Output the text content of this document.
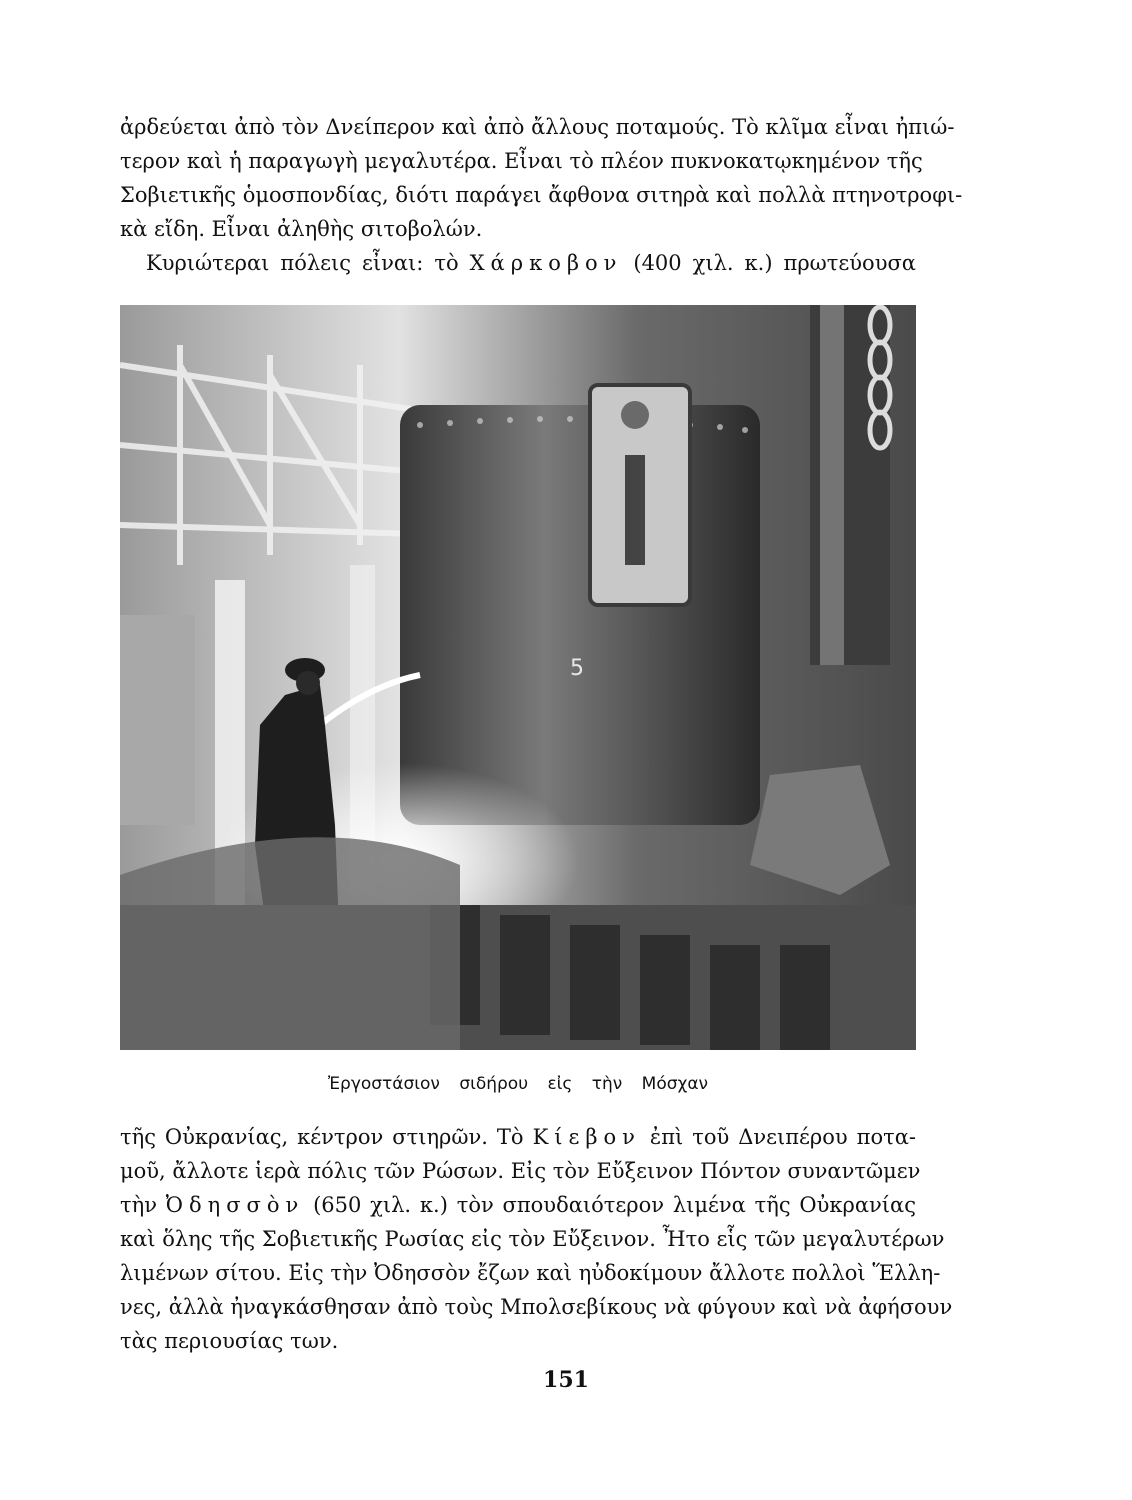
ἀρδεύεται ἀπὸ τὸν Δνείπερον καὶ ἀπὸ ἄλλους ποταμούς. Τὸ κλῖμα εἶναι ἠπιώ-
τερον καὶ ἡ παραγωγὴ μεγαλυτέρα. Εἶναι τὸ πλέον πυκνοκατῳκημένον τῆς
Σοβιετικῆς ὁμοσπονδίας, διότι παράγει ἄφθονα σιτηρὰ καὶ πολλὰ πτηνοτροφι-
κὰ εἴδη. Εἶναι ἀληθὴς σιτοβολών.
Κυριώτεραι πόλεις εἶναι: τὸ Χάρκοβον (400 χιλ. κ.) πρωτεύουσα
5
Ἐργοστάσιον σιδήρου εἰς τὴν Μόσχαν
τῆς Οὐκρανίας, κέντρον στιηρῶν. Τὸ Κίεβον ἐπὶ τοῦ Δνειπέρου ποτα-
μοῦ, ἄλλοτε ἱερὰ πόλις τῶν Ρώσων. Εἰς τὸν Εὔξεινον Πόντον συναντῶμεν
τὴν Ὀδησσὸν (650 χιλ. κ.) τὸν σπουδαιότερον λιμένα τῆς Οὐκρανίας
καὶ ὅλης τῆς Σοβιετικῆς Ρωσίας εἰς τὸν Εὔξεινον. Ἦτο εἷς τῶν μεγαλυτέρων
λιμένων σίτου. Εἰς τὴν Ὀδησσὸν ἔζων καὶ ηὐδοκίμουν ἄλλοτε πολλοὶ Ἕλλη-
νες, ἀλλὰ ἠναγκάσθησαν ἀπὸ τοὺς Μπολσεβίκους νὰ φύγουν καὶ νὰ ἀφήσουν
τὰς περιουσίας των.
151
